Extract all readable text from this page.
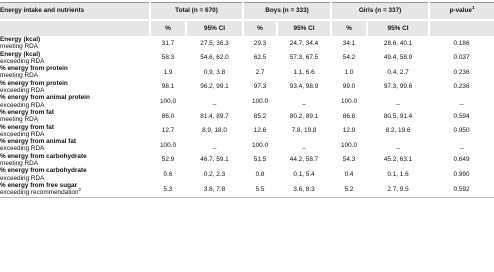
Energy intake and nutrients	Total (n = 670)		Boys (n = 333)		Girls (n = 337)		p-value$^1$
	%	95% CI	%	95% CI	%	95% CI	

Energy (kcal)
meeting RDA	31.7	27.5, 36.3	29.3	24.7, 34.4	34.1	28.6, 40.1	0.186

Energy (kcal)
exceeding RDA	58.3	54.6, 62.0	62.5	57.3, 67.5	54.2	49.4, 58.9	0.037

% energy from protein
meeting RDA	1.9	0.9, 3.8	2.7	1.1, 6.6	1.0	0.4, 2.7	0.236

% energy from protein
exceeding RDA	98.1	96.2, 99.1	97.3	93.4, 98.9	99.0	97.3, 99.6	0.236

% energy from animal protein
exceeding RDA	100.0	_	100.0	_	100.0	_	_

% energy from fat
meeting RDA	86.0	81.4, 89.7	85.2	80.2, 89.1	86.8	80.5, 91.4	0.594

% energy from fat
exceeding RDA	12.7	8.9, 18.0	12.6	7.8, 19.8	12.9	8.2, 19.6	0.950

% energy from animal fat
exceeding RDA	100.0	_	100.0	_	100.0	_	_

% energy from carbohydrate
meeting RDA	52.9	46.7, 59.1	51.5	44.2, 58.7	54.3	45.2, 63.1	0.649

% energy from carbohydrate
exceeding RDA	0.6	0.2, 2.3	0.8	0.1, 5.4	0.4	0.1, 1.6	0.990

% energy from free sugar
exceeding recommendation$^2$	5.3	3.6, 7.8	5.5	3.6, 8.3	5.2	2.7, 9.5	0.592
